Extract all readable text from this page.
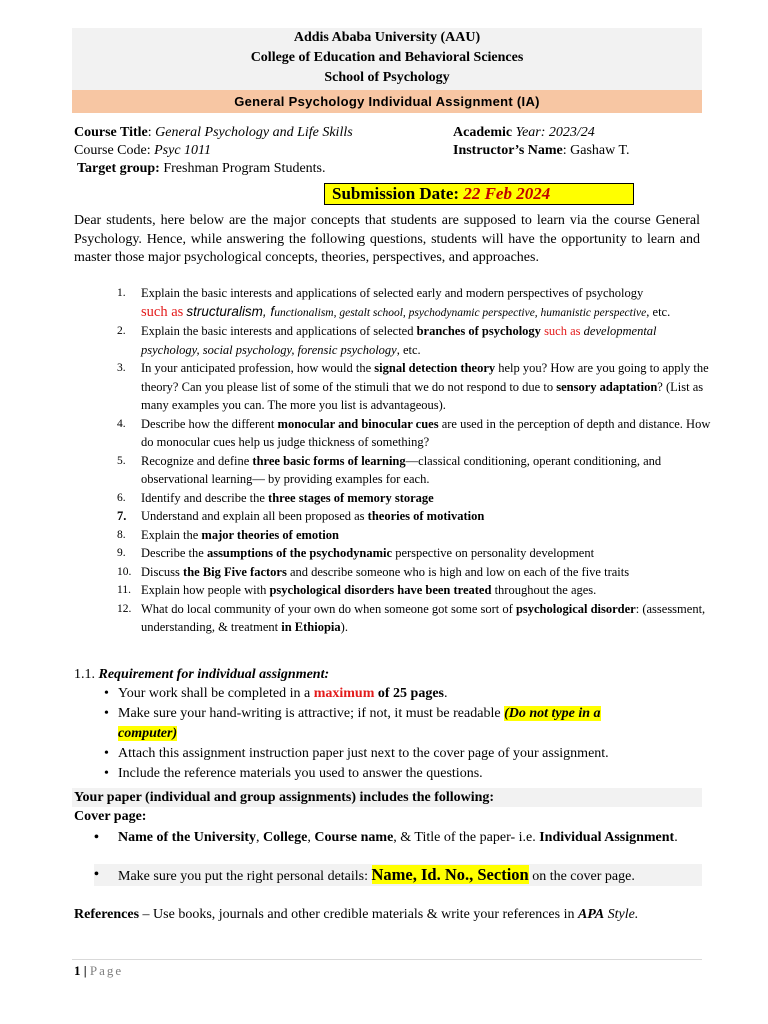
Addis Ababa University (AAU)
College of Education and Behavioral Sciences
School of Psychology
General Psychology Individual Assignment (IA)
Course Title: General Psychology and Life Skills
Course Code: Psyc 1011
Target group: Freshman Program Students.
Academic Year: 2023/24
Instructor’s Name: Gashaw T.
Submission Date: 22 Feb 2024
Dear students, here below are the major concepts that students are supposed to learn via the course General Psychology. Hence, while answering the following questions, students will have the opportunity to learn and master those major psychological concepts, theories, perspectives, and approaches.
1. Explain the basic interests and applications of selected early and modern perspectives of psychology
such as structuralism, functionalism, gestalt school, psychodynamic perspective, humanistic perspective, etc.
2. Explain the basic interests and applications of selected branches of psychology such as developmental psychology, social psychology, forensic psychology, etc.
3. In your anticipated profession, how would the signal detection theory help you? How are you going to apply the theory? Can you please list of some of the stimuli that we do not respond to due to sensory adaptation? (List as many examples you can. The more you list is advantageous).
4. Describe how the different monocular and binocular cues are used in the perception of depth and distance. How do monocular cues help us judge thickness of something?
5. Recognize and define three basic forms of learning—classical conditioning, operant conditioning, and observational learning— by providing examples for each.
6. Identify and describe the three stages of memory storage
7. Understand and explain all been proposed as theories of motivation
8. Explain the major theories of emotion
9. Describe the assumptions of the psychodynamic perspective on personality development
10. Discuss the Big Five factors and describe someone who is high and low on each of the five traits
11. Explain how people with psychological disorders have been treated throughout the ages.
12. What do local community of your own do when someone got some sort of psychological disorder: (assessment, understanding, & treatment in Ethiopia).
1.1. Requirement for individual assignment:
• Your work shall be completed in a maximum of 25 pages.
• Make sure your hand-writing is attractive; if not, it must be readable (Do not type in a computer)
• Attach this assignment instruction paper just next to the cover page of your assignment.
• Include the reference materials you used to answer the questions.
Your paper (individual and group assignments) includes the following:
Cover page:
• Name of the University, College, Course name, & Title of the paper- i.e. Individual Assignment.
• Make sure you put the right personal details: Name, Id. No., Section on the cover page.
References – Use books, journals and other credible materials & write your references in APA Style.
1 | Page
